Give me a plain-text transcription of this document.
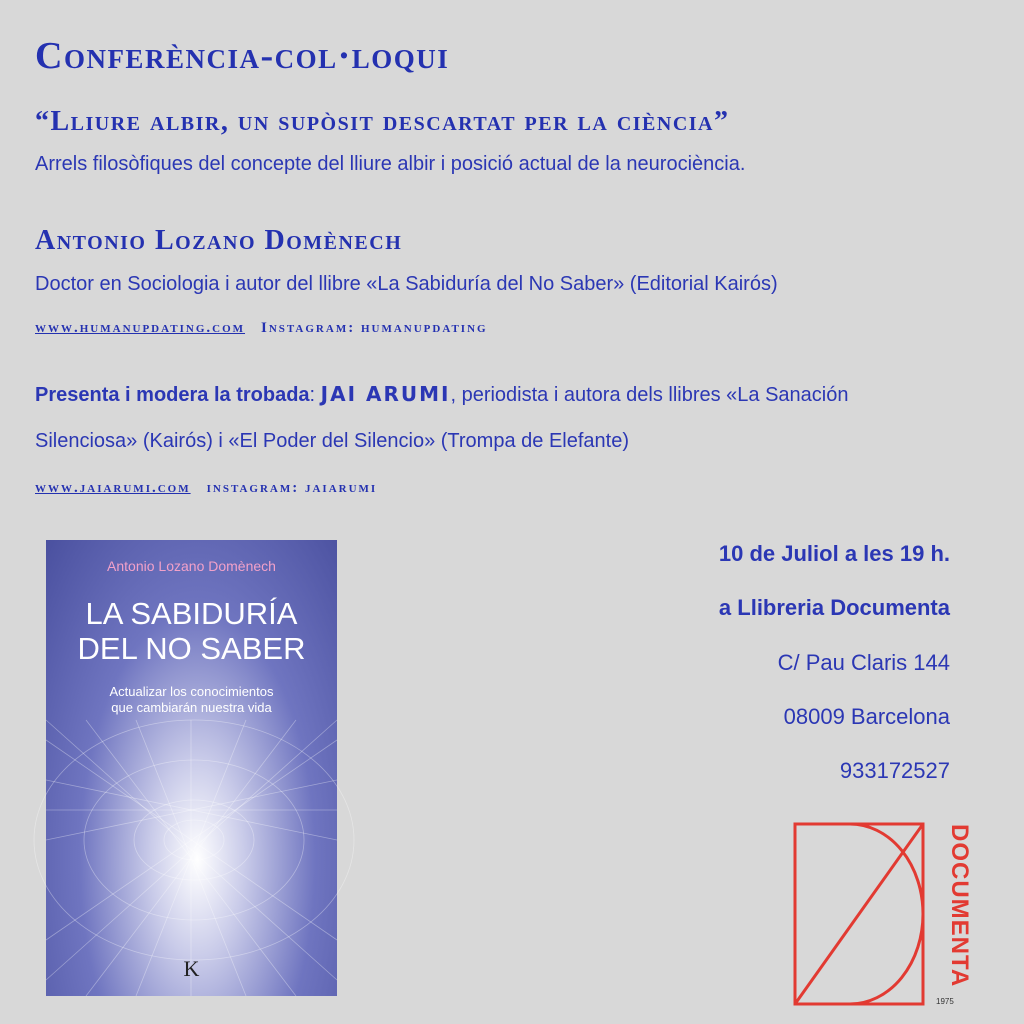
Conferència-col·loqui
“Lliure albir, un supòsit descartat per la ciència”

Arrels filosòfiques del concepte del lliure albir i posició actual de la neurociència.

Antonio Lozano Domènech

Doctor en Sociologia i autor del llibre «La Sabiduría del No Saber» (Editorial Kairós)

www.humanupdating.com Instagram: humanupdating

Presenta i modera la trobada: JAI ARUMI, periodista i autora dels llibres «La Sanación

Silenciosa» (Kairós) i «El Poder del Silencio» (Trompa de Elefante)

www.jaiarumi.com instagram: jaiarumi

Antonio Lozano Domènech
LA SABIDURÍA
DEL NO SABER
Actualizar los conocimientos
que cambiarán nuestra vida
K

10 de Juliol a les 19 h.

a Llibreria Documenta

C/ Pau Claris 144

08009 Barcelona

933172527

DOCUMENTA
1975
